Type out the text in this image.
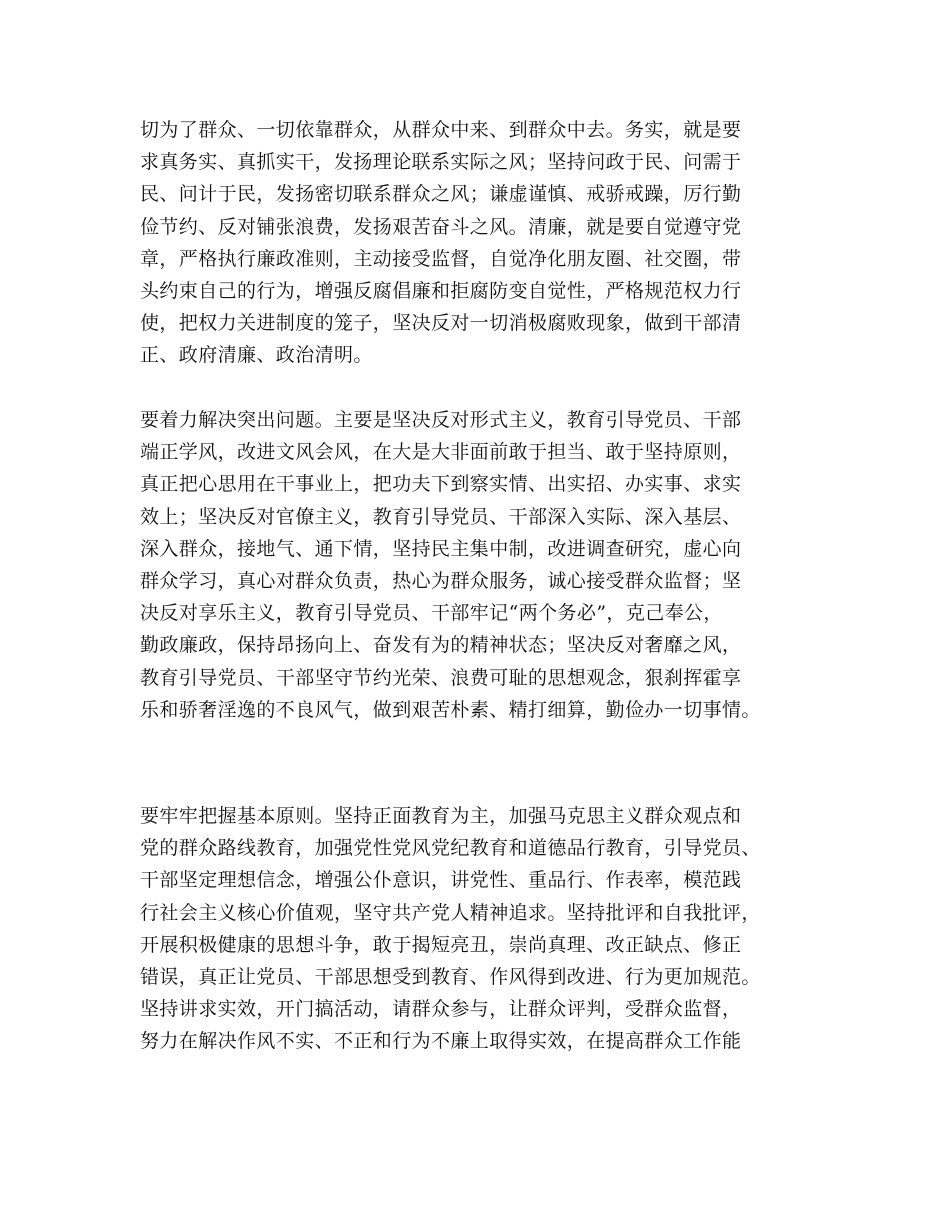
切为了群众、一切依靠群众，从群众中来、到群众中去。务实，就是要
求真务实、真抓实干，发扬理论联系实际之风；坚持问政于民、问需于
民、问计于民，发扬密切联系群众之风；谦虚谨慎、戒骄戒躁，厉行勤
俭节约、反对铺张浪费，发扬艰苦奋斗之风。清廉，就是要自觉遵守党
章，严格执行廉政准则，主动接受监督，自觉净化朋友圈、社交圈，带
头约束自己的行为，增强反腐倡廉和拒腐防变自觉性，严格规范权力行
使，把权力关进制度的笼子，坚决反对一切消极腐败现象，做到干部清
正、政府清廉、政治清明。
要着力解决突出问题。主要是坚决反对形式主义，教育引导党员、干部
端正学风，改进文风会风，在大是大非面前敢于担当、敢于坚持原则，
真正把心思用在干事业上，把功夫下到察实情、出实招、办实事、求实
效上；坚决反对官僚主义，教育引导党员、干部深入实际、深入基层、
深入群众，接地气、通下情，坚持民主集中制，改进调查研究，虚心向
群众学习，真心对群众负责，热心为群众服务，诚心接受群众监督；坚
决反对享乐主义，教育引导党员、干部牢记“两个务必”，克己奉公，
勤政廉政，保持昂扬向上、奋发有为的精神状态；坚决反对奢靡之风，
教育引导党员、干部坚守节约光荣、浪费可耻的思想观念，狠刹挥霍享
乐和骄奢淫逸的不良风气，做到艰苦朴素、精打细算，勤俭办一切事情。
要牢牢把握基本原则。坚持正面教育为主，加强马克思主义群众观点和
党的群众路线教育，加强党性党风党纪教育和道德品行教育，引导党员、
干部坚定理想信念，增强公仆意识，讲党性、重品行、作表率，模范践
行社会主义核心价值观，坚守共产党人精神追求。坚持批评和自我批评，
开展积极健康的思想斗争，敢于揭短亮丑，崇尚真理、改正缺点、修正
错误，真正让党员、干部思想受到教育、作风得到改进、行为更加规范。
坚持讲求实效，开门搞活动，请群众参与，让群众评判，受群众监督，
努力在解决作风不实、不正和行为不廉上取得实效，在提高群众工作能
